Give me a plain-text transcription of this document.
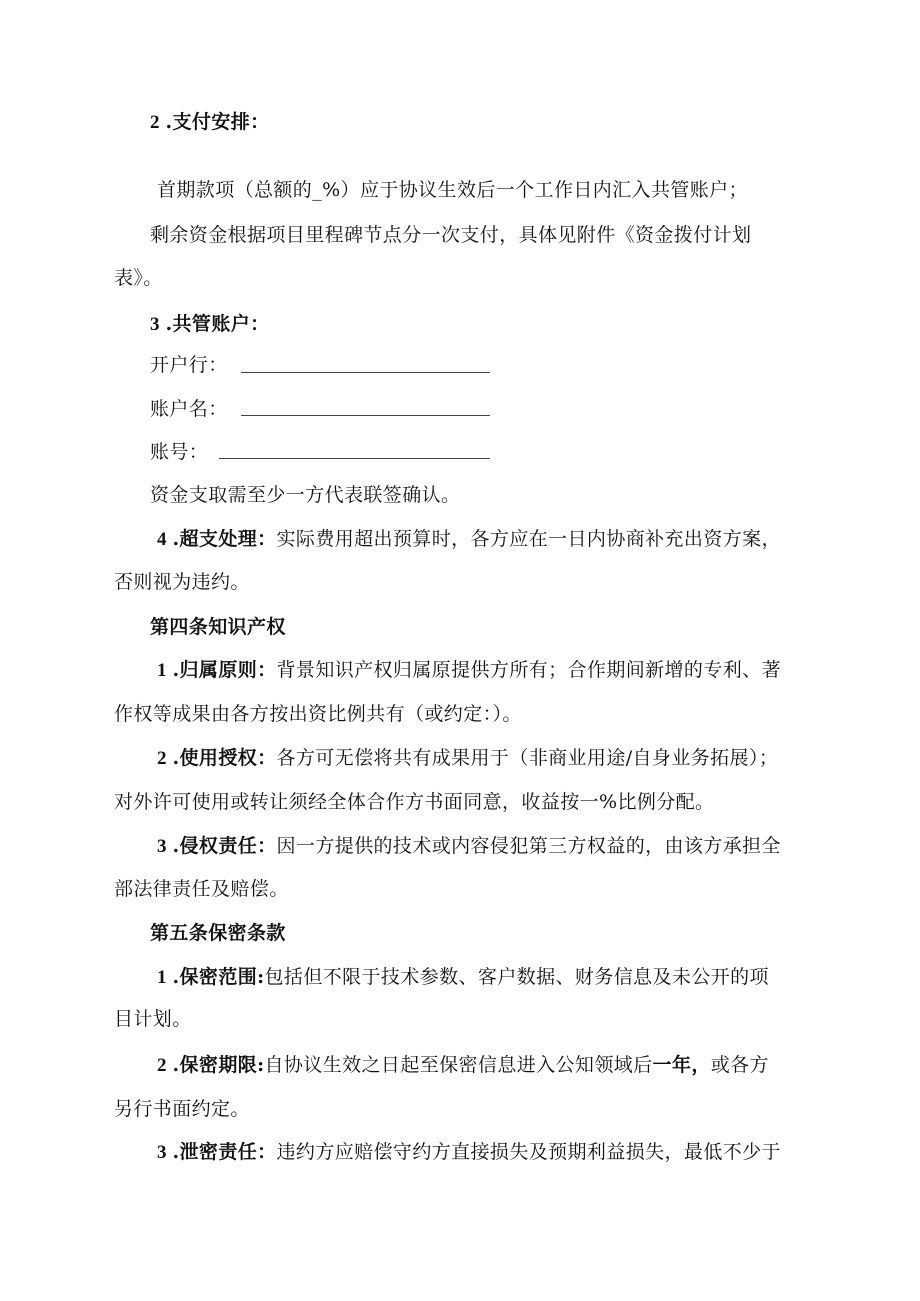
2.支付安排：
首期款项（总额的_%）应于协议生效后一个工作日内汇入共管账户；
剩余资金根据项目里程碑节点分一次支付，具体见附件《资金拨付计划
表》。
3.共管账户：
开户行：
账户名：
账号：
资金支取需至少一方代表联签确认。
4.超支处理：实际费用超出预算时，各方应在一日内协商补充出资方案，
否则视为违约。
第四条知识产权
1.归属原则：背景知识产权归属原提供方所有；合作期间新增的专利、著
作权等成果由各方按出资比例共有（或约定：）。
2.使用授权：各方可无偿将共有成果用于（非商业用途/自身业务拓展）；
对外许可使用或转让须经全体合作方书面同意，收益按一%比例分配。
3.侵权责任：因一方提供的技术或内容侵犯第三方权益的，由该方承担全
部法律责任及赔偿。
第五条保密条款
1.保密范围:包括但不限于技术参数、客户数据、财务信息及未公开的项
目计划。
2.保密期限:自协议生效之日起至保密信息进入公知领域后一年，或各方
另行书面约定。
3.泄密责任：违约方应赔偿守约方直接损失及预期利益损失，最低不少于
